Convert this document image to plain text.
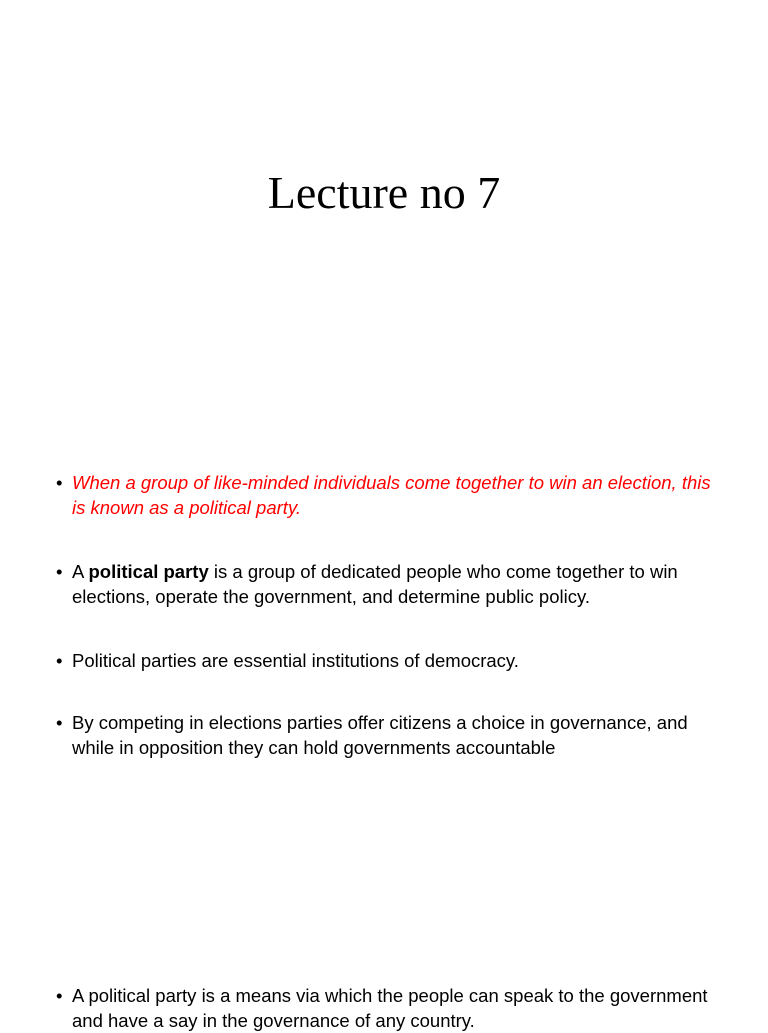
Lecture no 7
• When a group of like-minded individuals come together to win an election, this is known as a political party.
• A political party is a group of dedicated people who come together to win elections, operate the government, and determine public policy.
• Political parties are essential institutions of democracy.
• By competing in elections parties offer citizens a choice in governance, and while in opposition they can hold governments accountable
• A political party is a means via which the people can speak to the government and have a say in the governance of any country.
